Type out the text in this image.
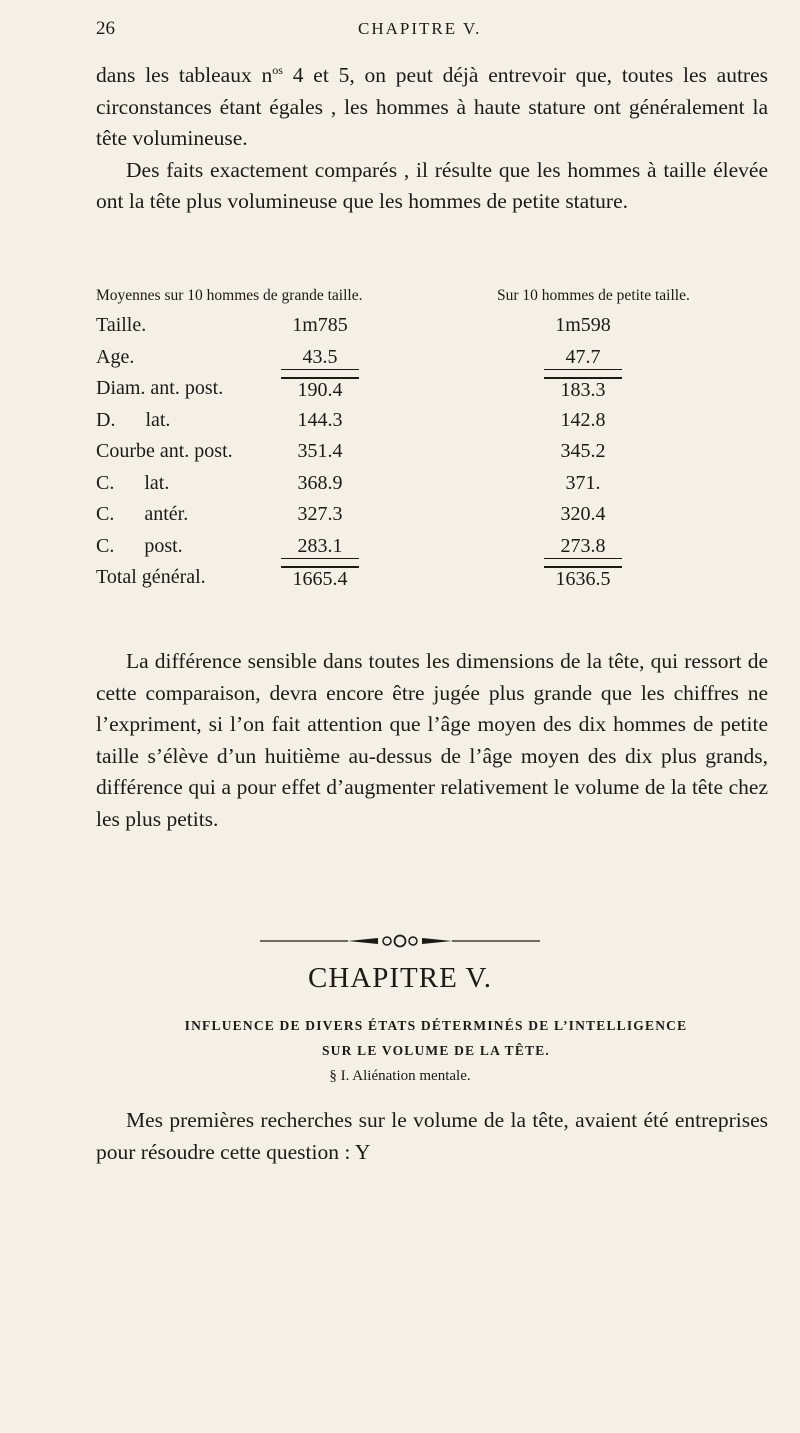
26	CHAPITRE V.

dans les tableaux $n^{os}$ 4 et 5, on peut déjà entrevoir que, toutes les autres circonstances étant égales , les hommes à haute stature ont généralement la tête volumineuse.
Des faits exactement comparés , il résulte que les hommes à taille élevée ont la tête plus volumineuse que les hommes de petite stature.

Moyennes sur 10 hommes de grande taille.	Sur 10 hommes de petite taille.
Taille.	1m785	1m598
Age.	43.5	47.7
Diam. ant. post.	190.4	183.3
D.      lat.	144.3	142.8
Courbe ant. post.	351.4	345.2
C.      lat.	368.9	371.
C.      antér.	327.3	320.4
C.      post.	283.1	273.8
Total général.	1665.4	1636.5

La différence sensible dans toutes les dimensions de la tête, qui ressort de cette comparaison, devra encore être jugée plus grande que les chiffres ne l’expriment, si l’on fait attention que l’âge moyen des dix hommes de petite taille s’élève d’un huitième au-dessus de l’âge moyen des dix plus grands, différence qui a pour effet d’augmenter relativement le volume de la tête chez les plus petits.

CHAPITRE V.
INFLUENCE DE DIVERS ÉTATS DÉTERMINÉS DE L’INTELLIGENCE
SUR LE VOLUME DE LA TÊTE.
§ I. Aliénation mentale.

Mes premières recherches sur le volume de la tête, avaient été entreprises pour résoudre cette question : Y
